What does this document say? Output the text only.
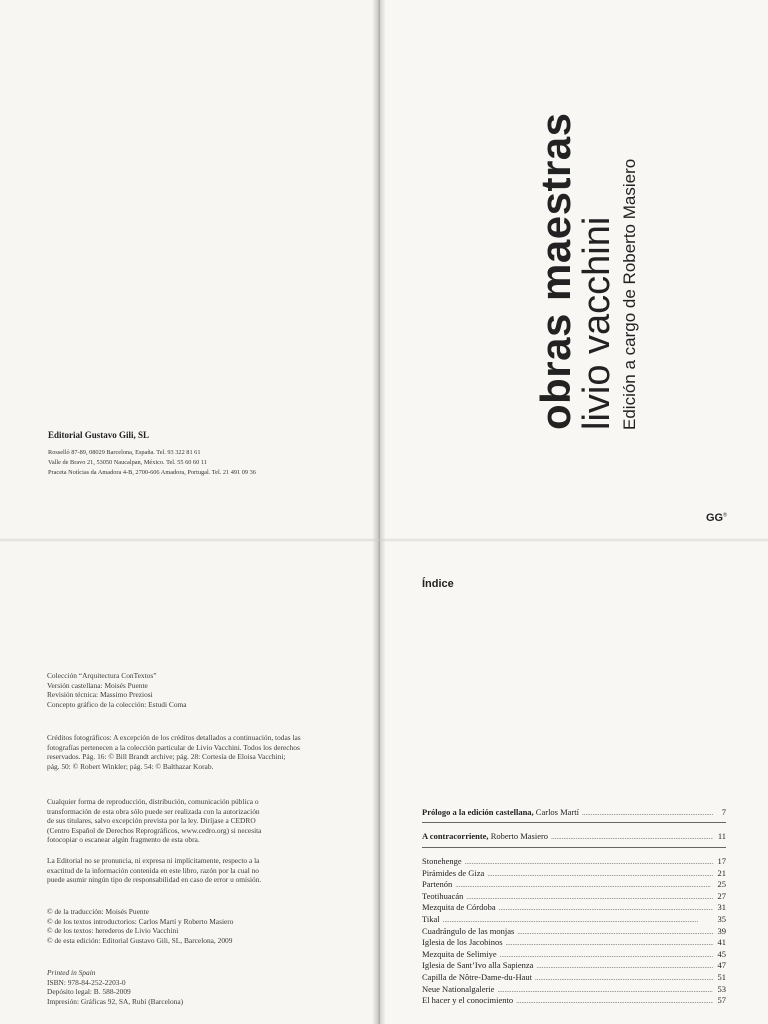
Editorial Gustavo Gili, SL
Rosselló 87-89, 08029 Barcelona, España. Tel. 93 322 81 61
Valle de Bravo 21, 53050 Naucalpan, México. Tel. 55 60 60 11
Praceta Notícias da Amadora 4-B, 2700-606 Amadora, Portugal. Tel. 21 491 09 36
Colección “Arquitectura ConTextos”
Versión castellana: Moisés Puente
Revisión técnica: Massimo Preziosi
Concepto gráfico de la colección: Estudi Coma
Créditos fotográficos: A excepción de los créditos detallados a continuación, todas las
fotografías pertenecen a la colección particular de Livio Vacchini. Todos los derechos
reservados. Pág. 16: © Bill Brandt archive; pág. 28: Cortesía de Eloisa Vacchini;
pág. 50: © Robert Winkler; pág. 54: © Balthazar Korab.
Cualquier forma de reproducción, distribución, comunicación pública o
transformación de esta obra sólo puede ser realizada con la autorización
de sus titulares, salvo excepción prevista por la ley. Diríjase a CEDRO
(Centro Español de Derechos Reprográficos, www.cedro.org) si necesita
fotocopiar o escanear algún fragmento de esta obra.
La Editorial no se pronuncia, ni expresa ni implícitamente, respecto a la
exactitud de la información contenida en este libro, razón por la cual no
puede asumir ningún tipo de responsabilidad en caso de error u omisión.
© de la traducción: Moisés Puente
© de los textos introductorios: Carlos Martí y Roberto Masiero
© de los textos: herederos de Livio Vacchini
© de esta edición: Editorial Gustavo Gili, SL, Barcelona, 2009
Printed in Spain
ISBN: 978-84-252-2203-0
Depósito legal: B. 588-2009
Impresión: Gráficas 92, SA, Rubí (Barcelona)
obras maestras
livio vacchini Edición a cargo de Roberto Masiero
GG®
Índice
Prólogo a la edición castellana, Carlos Martí .....	7
A contracorriente, Roberto Masiero .....	11
Stonehenge .....	17
Pirámides de Giza .....	21
Partenón .....	25
Teotihuacán .....	27
Mezquita de Córdoba .....	31
Tikal .....	35
Cuadrángulo de las monjas .....	39
Iglesia de los Jacobinos .....	41
Mezquita de Selimiye .....	45
Iglesia de Sant’Ivo alla Sapienza .....	47
Capilla de Nôtre-Dame-du-Haut .....	51
Neue Nationalgalerie .....	53
El hacer y el conocimiento .....	57
